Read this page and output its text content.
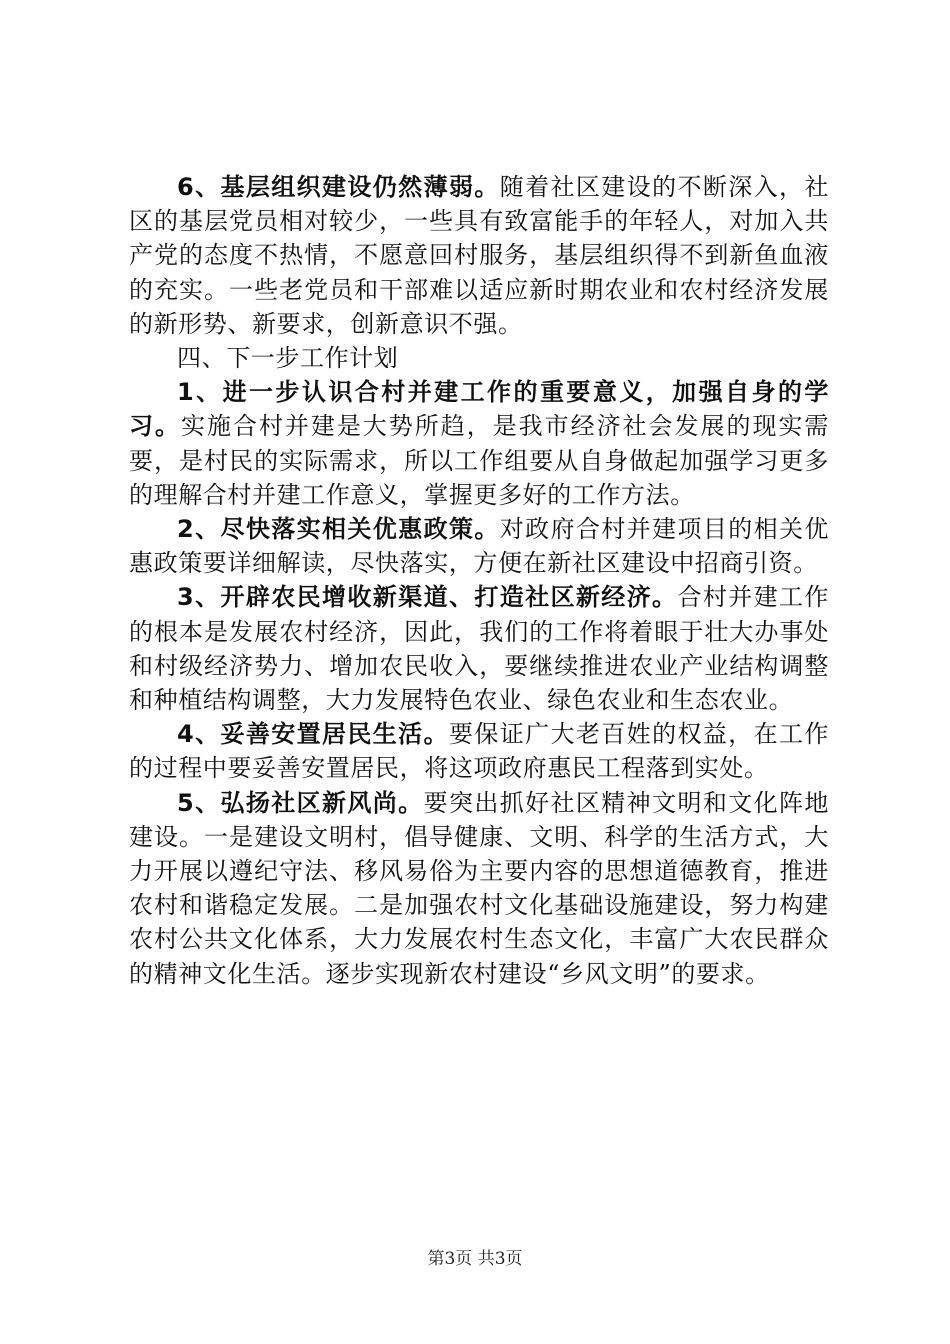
6、基层组织建设仍然薄弱。随着社区建设的不断深入，社区的基层党员相对较少，一些具有致富能手的年轻人，对加入共产党的态度不热情，不愿意回村服务，基层组织得不到新鱼血液的充实。一些老党员和干部难以适应新时期农业和农村经济发展的新形势、新要求，创新意识不强。

四、下一步工作计划

1、进一步认识合村并建工作的重要意义，加强自身的学习。实施合村并建是大势所趋，是我市经济社会发展的现实需要，是村民的实际需求，所以工作组要从自身做起加强学习更多的理解合村并建工作意义，掌握更多好的工作方法。

2、尽快落实相关优惠政策。对政府合村并建项目的相关优惠政策要详细解读，尽快落实，方便在新社区建设中招商引资。

3、开辟农民增收新渠道、打造社区新经济。合村并建工作的根本是发展农村经济，因此，我们的工作将着眼于壮大办事处和村级经济势力、增加农民收入，要继续推进农业产业结构调整和种植结构调整，大力发展特色农业、绿色农业和生态农业。

4、妥善安置居民生活。要保证广大老百姓的权益，在工作的过程中要妥善安置居民，将这项政府惠民工程落到实处。

5、弘扬社区新风尚。要突出抓好社区精神文明和文化阵地建设。一是建设文明村，倡导健康、文明、科学的生活方式，大力开展以遵纪守法、移风易俗为主要内容的思想道德教育，推进农村和谐稳定发展。二是加强农村文化基础设施建设，努力构建农村公共文化体系，大力发展农村生态文化，丰富广大农民群众的精神文化生活。逐步实现新农村建设“乡风文明”的要求。

第3页 共3页
